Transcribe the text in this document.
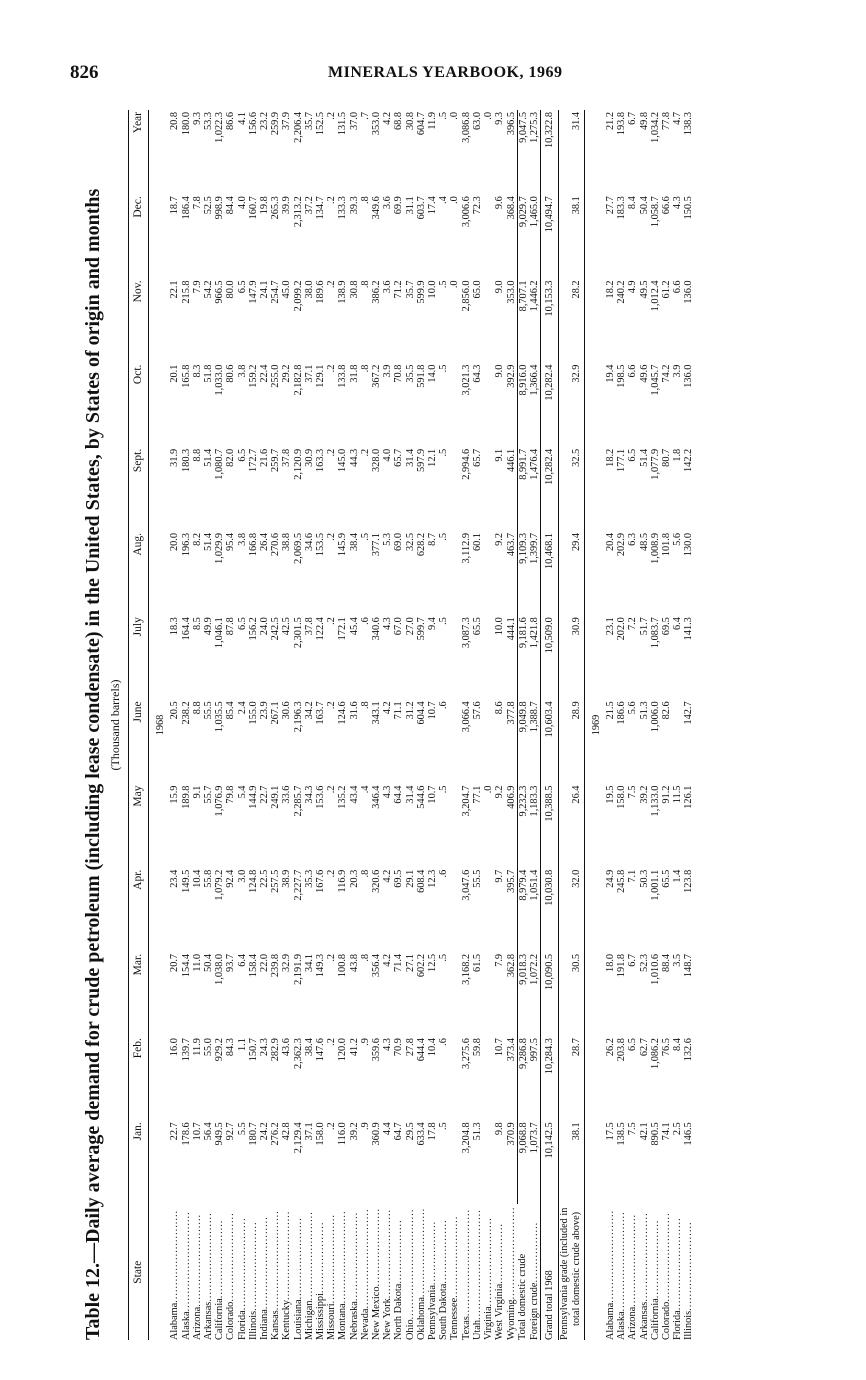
826	MINERALS YEARBOOK, 1969
Table 12.—Daily average demand for crude petroleum (including lease condensate) in the United States, by States of origin and months (Thousand barrels)
State	Jan.	Feb.	Mar.	Apr.	May	June	July	Aug.	Sept.	Oct.	Nov.	Dec.	Year
1968													
Alabama..........................	22.7	16.0	20.7	23.4	15.9	20.5	18.3	20.0	31.9	20.1	22.1	18.7	20.8
Alaska............................	178.6	139.7	154.4	149.5	189.8	238.2	164.4	196.3	180.3	165.8	215.8	186.4	180.0
Arizona..........................	10.7	11.9	11.0	10.4	9.1	8.8	8.5	8.2	8.8	8.3	7.9	7.8	9.3
Arkansas.........................	56.4	55.0	50.4	55.8	55.7	55.5	49.9	51.4	51.4	51.8	54.2	52.5	53.3
California......................	949.5	929.2	1,038.0	1,079.2	1,076.9	1,035.5	1,046.1	1,029.9	1,080.7	1,033.0	966.5	998.9	1,022.3
Colorado.........................	92.7	84.3	93.7	92.4	79.8	85.4	87.8	95.4	82.0	80.6	80.0	84.4	86.6
Florida..........................	5.5	1.1	6.4	3.0	5.4	2.4	6.5	3.8	6.5	3.8	6.5	4.0	4.1
Illinois.........................	180.7	150.7	158.4	124.8	144.9	155.0	156.2	166.8	172.7	159.2	147.9	160.7	156.6
Indiana..........................	24.2	24.3	22.0	22.5	22.7	23.9	24.0	26.4	21.6	22.4	24.1	19.8	23.2
Kansas............................	276.2	282.9	239.8	257.5	249.1	267.1	242.5	270.6	259.7	255.0	254.7	265.3	259.9
Kentucky.........................	42.8	43.6	32.9	38.9	33.6	30.6	42.5	38.8	37.8	29.2	45.0	39.9	37.9
Louisiana.......................	2,129.4	2,362.3	2,191.9	2,227.7	2,285.7	2,196.3	2,301.5	2,069.5	2,120.9	2,182.8	2,099.2	2,313.2	2,206.4
Michigan.........................	37.1	38.4	34.1	35.3	34.3	34.2	37.8	34.6	30.9	37.1	38.0	37.2	35.7
Mississippi....................	158.0	147.6	149.3	167.6	153.6	163.7	122.4	153.5	163.3	129.1	189.6	134.7	152.5
Missouri.........................	.2	.2	.2	.2	.2	.2	.2	.2	.2	.2	.2	.2	.2
Montana..........................	116.0	120.0	100.8	116.9	135.2	124.6	172.1	145.9	145.0	133.8	138.9	133.3	131.5
Nebraska.........................	39.2	41.2	43.8	20.3	43.4	31.6	45.4	38.4	44.3	31.8	30.8	39.3	37.0
Nevada............................	.9	.9	.8	.8	.4	.8	.6	.5	.2	.8	.8	.8	.7
New Mexico......................	360.9	359.6	356.4	320.6	346.4	343.1	340.6	377.1	328.0	367.2	386.2	349.6	353.0
New York.........................	4.4	4.3	4.2	4.2	4.3	4.2	4.3	5.3	4.0	3.9	3.6	3.6	4.2
North Dakota..................	64.7	70.9	71.4	69.5	64.4	71.1	67.0	69.0	65.7	70.8	71.2	69.9	68.8
Ohio...............................	29.5	27.8	27.1	29.1	31.4	31.2	27.0	32.5	31.4	35.5	35.7	31.1	30.8
Oklahoma.........................	633.4	644.4	602.2	608.4	544.6	604.4	599.7	628.2	597.9	591.8	599.9	603.7	604.7
Pennsylvania..................	17.8	10.4	12.5	12.3	10.7	10.7	9.4	8.7	12.1	14.0	10.0	17.4	11.9
South Dakota..................	.5	.6	.5	.6	.5	.6	.5	.5	.5	.5	.5	.4	.5
Tennessee.......................											.0	.0	.0
Texas..............................	3,204.8	3,275.6	3,168.2	3,047.6	3,204.7	3,066.4	3,087.3	3,112.9	2,994.6	3,021.3	2,856.0	3,006.6	3,086.8
Utah...............................	51.3	59.8	61.5	55.5	77.1	57.6	65.5	60.1	65.7	64.3	65.0	72.3	63.0
Virginia.........................					.0								.0
West Virginia.................	9.8	10.7	7.9	9.7	9.2	8.6	10.0	9.2	9.1	9.0	9.0	9.6	9.3
Wyoming..........................	370.9	373.4	362.8	395.7	406.9	377.8	444.1	463.7	446.1	392.9	353.0	368.4	396.5
Total domestic crude	9,068.8	9,286.8	9,018.3	8,979.4	9,232.3	9,049.8	9,181.6	9,109.3	8,991.7	8,916.0	8,707.1	9,029.7	9,047.5
Foreign crude.................	1,073.7	997.5	1,072.2	1,051.4	1,183.3	1,388.7	1,421.8	1,399.7	1,476.4	1,366.4	1,446.2	1,465.0	1,275.3
Grand total 1968	10,142.5	10,284.3	10,090.5	10,030.8	10,388.5	10,603.4	10,509.0	10,468.1	10,282.4	10,282.4	10,153.3	10,494.7	10,322.8

Pennsylvania grade (included in total domestic crude above)	38.1	28.7	30.5	32.0	26.4	28.9	30.9	29.4	32.5	32.9	28.2	38.1	31.4

1969													
Alabama..........................	17.5	26.2	18.0	24.9	19.5	21.5	23.1	20.4	18.2	19.4	18.2	27.7	21.2
Alaska............................	138.5	203.8	191.8	245.8	158.0	186.6	202.0	202.9	177.1	198.5	240.2	183.3	193.8
Arizona..........................	7.5	6.5	6.7	7.1	7.5	5.6	7.2	6.3	6.5	6.6	4.9	8.4	6.7
Arkansas.........................	42.1	62.7	52.3	50.3	39.2	51.3	51.7	48.5	51.4	49.6	49.5	50.4	49.8
California......................	890.5	1,086.2	1,010.6	1,001.1	1,133.0	1,006.0	1,083.7	1,008.9	1,077.9	1,045.7	1,012.4	1,058.7	1,034.2
Colorado.........................	74.1	76.5	88.4	65.5	91.2	82.6	69.5	101.8	80.7	74.2	61.2	66.6	77.8
Florida..........................	2.5	8.4	3.5	1.4	11.5		6.4	5.6	1.8	3.9	6.6	4.3	4.7
Illinois.........................	146.5	132.6	148.7	123.8	126.1	142.7	141.3	130.0	142.2	136.0	136.0	150.5	138.3
